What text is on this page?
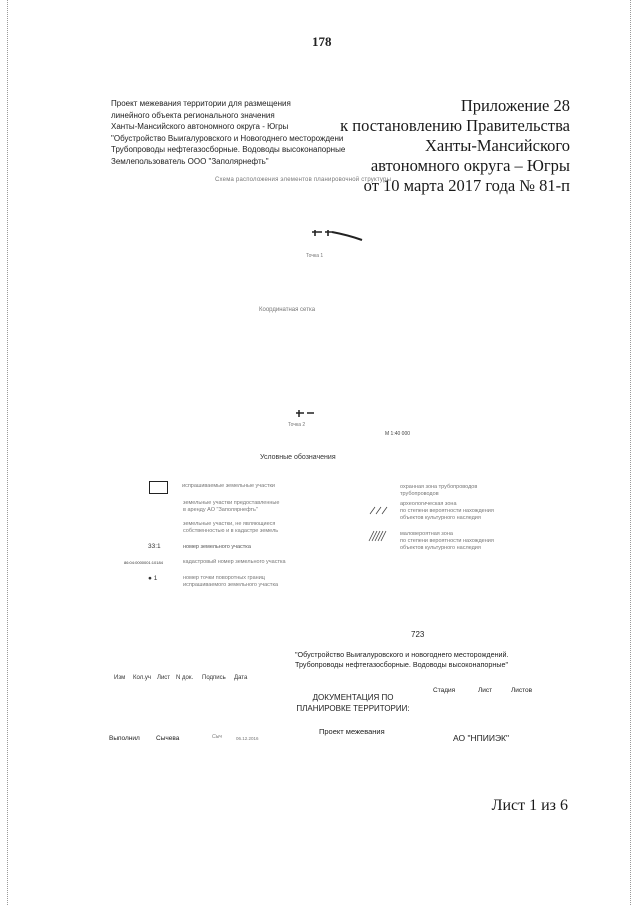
178
Приложение 28
к постановлению Правительства
Ханты-Мансийского
автономного округа – Югры
от 10 марта 2017 года № 81-п
Проект межевания территории для размещения
линейного объекта регионального значения
Ханты-Мансийского автономного округа - Югры
"Обустройство Выигалуровского и Новогоднего месторождени
Трубопроводы нефтегазосборные. Водоводы высоконапорные
Землепользователь ООО "Заполярнефть"
Схема расположения элементов планировочной структуры
Точка 1
Координатная сетка
Точка 2
М 1:40 000
Условные обозначения
испрашиваемые земельные участки
земельные участки предоставленные
в аренду АО "Заполярнефть"
земельные участки, не являющиеся
собственностью и в кадастре земель
33:1	номер земельного участка
86:04:0000001:10184	кадастровый номер земельного участка
● 1	номер точки поворотных границ
испрашиваемого земельного участка
охранная зона трубопроводов
трубопроводов
археологическая зона
по степени вероятности нахождения
объектов культурного наследия
маловероятная зона
по степени вероятности нахождения
объектов культурного наследия
723
"Обустройство Выигалуровского и новогоднего месторождений.
Трубопроводы нефтегазосборные. Водоводы высоконапорные"
Изм Кол.уч Лист N док. Подпись Дата
Стадия	Лист	Листов
ДОКУМЕНТАЦИЯ ПО
ПЛАНИРОВКЕ ТЕРРИТОРИИ:
Проект межевания
Выполнил Сычева	Сыч	06.12.2016	АО "НПИИЭК"
Лист 1 из 6
